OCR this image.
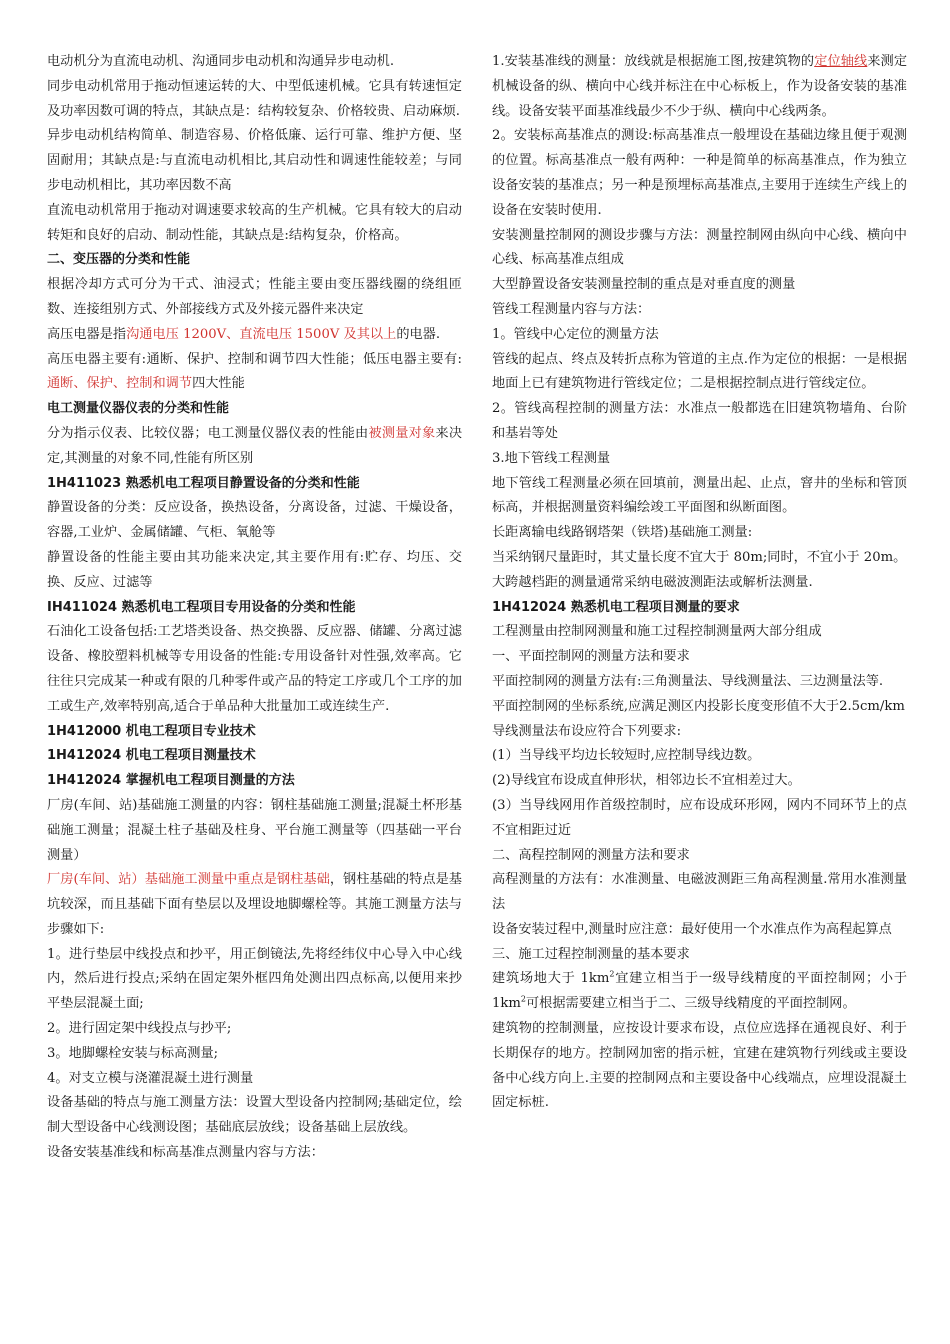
电动机分为直流电动机、沟通同步电动机和沟通异步电动机.
同步电动机常用于拖动恒速运转的大、中型低速机械。它具有转速恒定及功率因数可调的特点，其缺点是：结构较复杂、价格较贵、启动麻烦.
异步电动机结构简单、制造容易、价格低廉、运行可靠、维护方便、坚固耐用；其缺点是:与直流电动机相比,其启动性和调速性能较差；与同步电动机相比，其功率因数不高
直流电动机常用于拖动对调速要求较高的生产机械。它具有较大的启动转矩和良好的启动、制动性能，其缺点是:结构复杂，价格高。
二、变压器的分类和性能
根据冷却方式可分为干式、油浸式；性能主要由变压器线圈的绕组匝数、连接组别方式、外部接线方式及外接元器件来决定
高压电器是指沟通电压 1200V、直流电压 1500V 及其以上的电器.
高压电器主要有:通断、保护、控制和调节四大性能；低压电器主要有:通断、保护、控制和调节四大性能
电工测量仪器仪表的分类和性能
分为指示仪表、比较仪器；电工测量仪器仪表的性能由被测量对象来决定,其测量的对象不同,性能有所区别
1H411023 熟悉机电工程项目静置设备的分类和性能
静置设备的分类：反应设备，换热设备，分离设备，过滤、干燥设备，容器,工业炉、金属储罐、气柜、氧舱等
静置设备的性能主要由其功能来决定,其主要作用有:贮存、均压、交换、反应、过滤等
IH411024 熟悉机电工程项目专用设备的分类和性能
石油化工设备包括:工艺塔类设备、热交换器、反应器、储罐、分离过滤设备、橡胶塑料机械等专用设备的性能:专用设备针对性强,效率高。它往往只完成某一种或有限的几种零件或产品的特定工序或几个工序的加工或生产,效率特别高,适合于单品种大批量加工或连续生产.
1H412000 机电工程项目专业技术
1H412024 机电工程项目测量技术
1H412024 掌握机电工程项目测量的方法
厂房(车间、站)基础施工测量的内容：钢柱基础施工测量;混凝土杯形基础施工测量；混凝土柱子基础及柱身、平台施工测量等（四基础一平台测量）
厂房(车间、站）基础施工测量中重点是钢柱基础，钢柱基础的特点是基坑较深，而且基础下面有垫层以及埋设地脚螺栓等。其施工测量方法与步骤如下:
1。进行垫层中线投点和抄平，用正倒镜法,先将经纬仪中心导入中心线内，然后进行投点;采纳在固定架外框四角处测出四点标高,以便用来抄平垫层混凝土面;
2。进行固定架中线投点与抄平;
3。地脚螺栓安装与标高测量;
4。对支立模与浇灌混凝土进行测量
设备基础的特点与施工测量方法：设置大型设备内控制网;基础定位，绘制大型设备中心线测设图；基础底层放线；设备基础上层放线。
设备安装基准线和标高基准点测量内容与方法：
1.安装基准线的测量：放线就是根据施工图,按建筑物的定位轴线来测定机械设备的纵、横向中心线并标注在中心标板上，作为设备安装的基准线。设备安装平面基准线最少不少于纵、横向中心线两条。
2。安装标高基准点的测设:标高基准点一般埋设在基础边缘且便于观测的位置。标高基准点一般有两种：一种是简单的标高基准点，作为独立设备安装的基准点；另一种是预埋标高基准点,主要用于连续生产线上的设备在安装时使用.
安装测量控制网的测设步骤与方法：测量控制网由纵向中心线、横向中心线、标高基准点组成
大型静置设备安装测量控制的重点是对垂直度的测量
管线工程测量内容与方法：
1。管线中心定位的测量方法
管线的起点、终点及转折点称为管道的主点.作为定位的根据：一是根据地面上已有建筑物进行管线定位；二是根据控制点进行管线定位。
2。管线高程控制的测量方法：水准点一般都选在旧建筑物墙角、台阶和基岩等处
3.地下管线工程测量
地下管线工程测量必须在回填前，测量出起、止点，窨井的坐标和管顶标高，并根据测量资料编绘竣工平面图和纵断面图。
长距离输电线路钢塔架（铁塔)基础施工测量:
当采纳钢尺量距时，其丈量长度不宜大于 80m;同时，不宜小于 20m。
大跨越档距的测量通常采纳电磁波测距法或解析法测量.
1H412024 熟悉机电工程项目测量的要求
工程测量由控制网测量和施工过程控制测量两大部分组成
一、平面控制网的测量方法和要求
平面控制网的测量方法有:三角测量法、导线测量法、三边测量法等.
平面控制网的坐标系统,应满足测区内投影长度变形值不大于2.5cm/km
导线测量法布设应符合下列要求:
(1）当导线平均边长较短时,应控制导线边数。
(2)导线宜布设成直伸形状，相邻边长不宜相差过大。
(3）当导线网用作首级控制时，应布设成环形网，网内不同环节上的点不宜相距过近
二、高程控制网的测量方法和要求
高程测量的方法有：水准测量、电磁波测距三角高程测量.常用水准测量法
设备安装过程中,测量时应注意：最好使用一个水准点作为高程起算点
三、施工过程控制测量的基本要求
建筑场地大于 $1km^2$宜建立相当于一级导线精度的平面控制网；小于 $1km^2$可根据需要建立相当于二、三级导线精度的平面控制网。
建筑物的控制测量，应按设计要求布设，点位应选择在通视良好、利于长期保存的地方。控制网加密的指示桩，宜建在建筑物行列线或主要设备中心线方向上.主要的控制网点和主要设备中心线端点，应埋设混凝土固定标桩.
